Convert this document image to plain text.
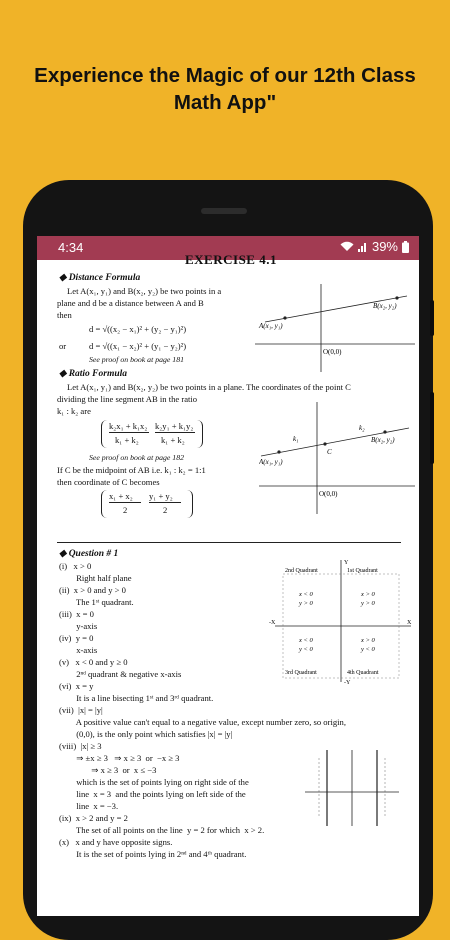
Experience the Magic of our 12th Class
Math App"
4:34	39%
EXERCISE 4.1
◆ Distance Formula
Let A(x₁, y₁) and B(x₂, y₂) be two points in a
plane and d be a distance between A and B
then
d = √((x₂ − x₁)² + (y₂ − y₁)²)
or	d = √((x₁ − x₂)² + (y₁ − y₂)²)
See proof on book at page 181
A(x₁, y₁)
B(x₂, y₂)
O(0,0)
◆ Ratio Formula
Let A(x₁, y₁) and B(x₂, y₂) be two points in a plane. The coordinates of the point C
dividing the line segment AB in the ratio
k₁ : k₂ are
k₂x₁ + k₁x₂ k₂y₁ + k₁y₂
k₁ + k₂	k₁ + k₂
See proof on book at page 182
If C be the midpoint of AB i.e. k₁ : k₂ = 1:1
then coordinate of C becomes
x₁ + x₂ y₁ + y₂
2	2
k₁
k₂
C
A(x₁, y₁)
B(x₂, y₂)
O(0,0)
◆ Question # 1
(i)   x > 0
Right half plane
(ii)  x > 0 and y > 0
The 1ˢᵗ quadrant.
(iii)  x = 0
y-axis
(iv)  y = 0
x-axis
(v)   x < 0 and y ≥ 0
2ⁿᵈ quadrant & negative x-axis
(vi)  x = y
It is a line bisecting 1ˢᵗ and 3ʳᵈ quadrant.
(vii)  |x| = |y|
A positive value can't equal to a negative value, except number zero, so origin,
(0,0), is the only point which satisfies |x| = |y|
(viii)  |x| ≥ 3
⇒ ±x ≥ 3   ⇒ x ≥ 3  or  −x ≥ 3
⇒ x ≥ 3  or  x ≤ −3
which is the set of points lying on right side of the
line  x = 3  and the points lying on left side of the
line  x = −3.
(ix)  x > 2 and y = 2
The set of all points on the line  y = 2 for which  x > 2.
(x)   x and y have opposite signs.
It is the set of points lying in 2ⁿᵈ and 4ᵗʰ quadrant.
2nd Quadrant	1st Quadrant
x < 0
y > 0
x > 0
y > 0
x < 0
y < 0
x > 0
y < 0
3rd Quadrant	4th Quadrant
X
-X
Y
-Y
